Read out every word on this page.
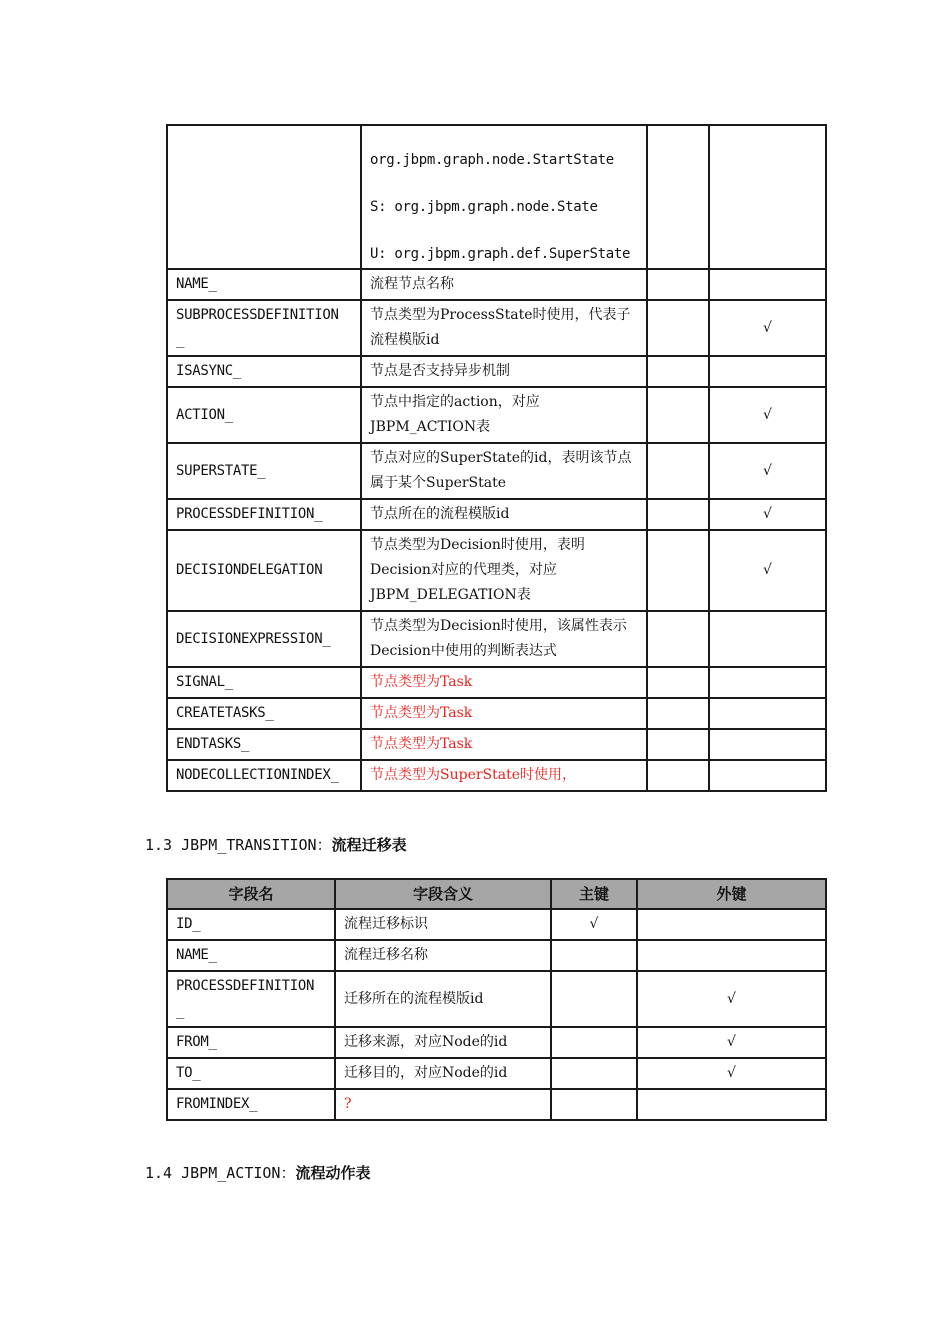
	org.jbpm.graph.node.StartState
S: org.jbpm.graph.node.State
U: org.jbpm.graph.def.SuperState		

NAME_	流程节点名称		
SUBPROCESSDEFINITION
_	节点类型为ProcessState时使用，代表子流程模版id		√
ISASYNC_	节点是否支持异步机制		
ACTION_	节点中指定的action，对应JBPM_ACTION表		√
SUPERSTATE_	节点对应的SuperState的id，表明该节点属于某个SuperState		√
PROCESSDEFINITION_	节点所在的流程模版id		√
DECISIONDELEGATION	节点类型为Decision时使用，表明Decision对应的代理类，对应JBPM_DELEGATION表		√
DECISIONEXPRESSION_	节点类型为Decision时使用，该属性表示Decision中使用的判断表达式		
SIGNAL_	节点类型为Task		
CREATETASKS_	节点类型为Task		
ENDTASKS_	节点类型为Task		
NODECOLLECTIONINDEX_	节点类型为SuperState时使用，		
1.3 JBPM_TRANSITION：流程迁移表
字段名	字段含义	主键	外键
ID_	流程迁移标识	√	
NAME_	流程迁移名称		
PROCESSDEFINITION
_	迁移所在的流程模版id		√
FROM_	迁移来源，对应Node的id		√
TO_	迁移目的，对应Node的id		√
FROMINDEX_	?		
1.4 JBPM_ACTION：流程动作表
